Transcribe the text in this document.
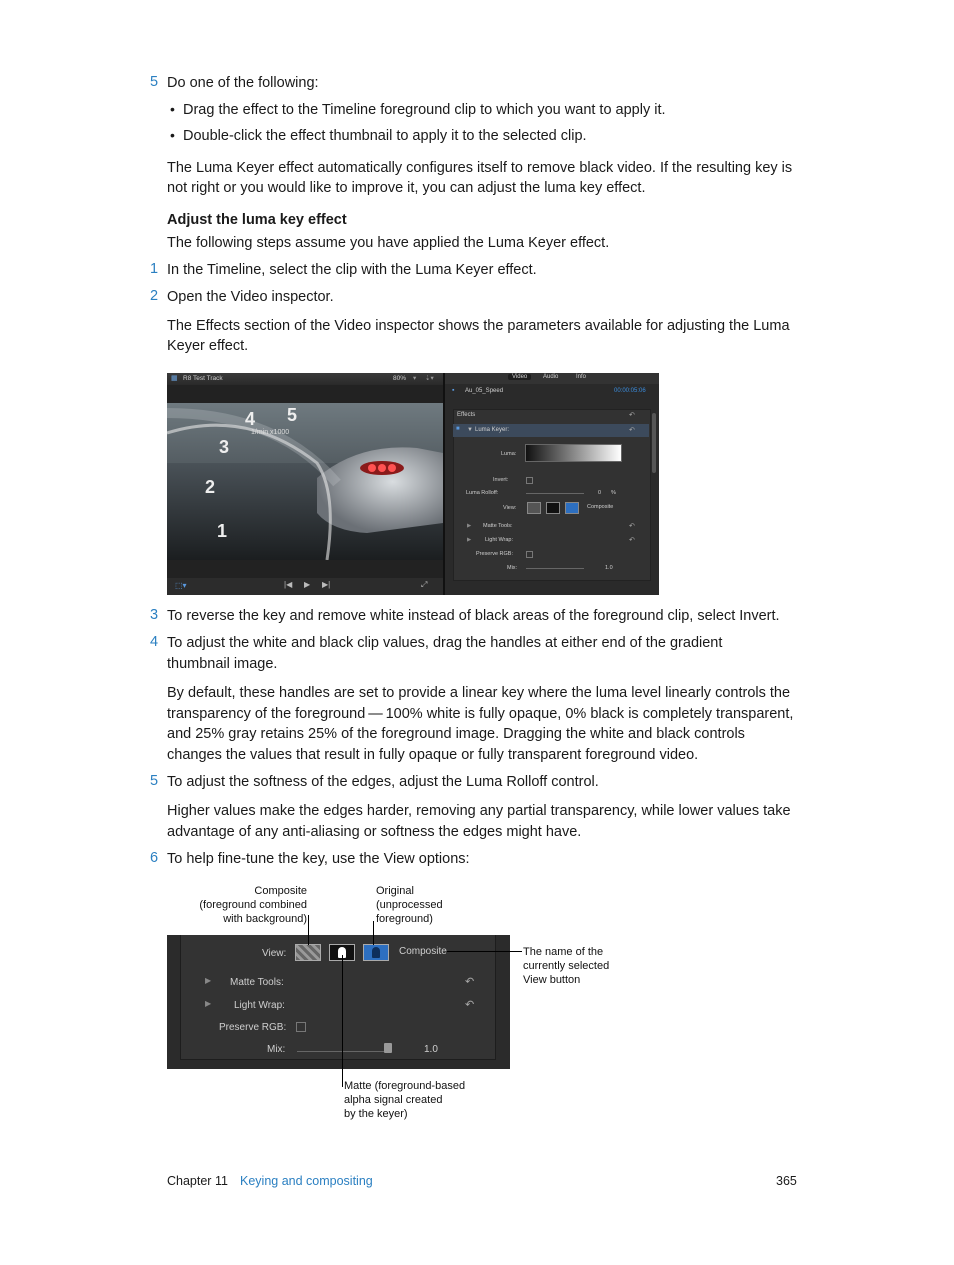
5 Do one of the following:
• Drag the effect to the Timeline foreground clip to which you want to apply it.
• Double-click the effect thumbnail to apply it to the selected clip.
The Luma Keyer effect automatically configures itself to remove black video. If the resulting key is
not right or you would like to improve it, you can adjust the luma key effect.
Adjust the luma key effect
The following steps assume you have applied the Luma Keyer effect.
1 In the Timeline, select the clip with the Luma Keyer effect.
2 Open the Video inspector.
The Effects section of the Video inspector shows the parameters available for adjusting the Luma
Keyer effect.
▦ R8 Test Track	80% ▾ ⇣▾
4 5
3
2
1
1/min x1000
⬚▾	|◀ ▶ ▶|	⤢
Video	Audio	Info
▪ Au_05_Speed	00:00:05:06
Effects	↶
■ ▼ Luma Keyer:	↶
Luma:
Invert:
Luma Rolloff:	0 %
View:	Composite
▶ Matte Tools:	↶
▶	Light Wrap:	↶
Preserve RGB:
Mix:	1.0
3 To reverse the key and remove white instead of black areas of the foreground clip, select Invert.
4 To adjust the white and black clip values, drag the handles at either end of the gradient
thumbnail image.
By default, these handles are set to provide a linear key where the luma level linearly controls the
transparency of the foreground — 100% white is fully opaque, 0% black is completely transparent,
and 25% gray retains 25% of the foreground image. Dragging the white and black controls
changes the values that result in fully opaque or fully transparent foreground video.
5 To adjust the softness of the edges, adjust the Luma Rolloff control.
Higher values make the edges harder, removing any partial transparency, while lower values take
advantage of any anti-aliasing or softness the edges might have.
6 To help fine-tune the key, use the View options:
Composite
(foreground combined
with background)
Original
(unprocessed
foreground)
The name of the
currently selected
View button
Matte (foreground-based
alpha signal created
by the keyer)
View:	Composite
▶ Matte Tools:	↶
▶ Light Wrap:	↶
Preserve RGB:
Mix:	1.0
Chapter 11 Keying and compositing	365
